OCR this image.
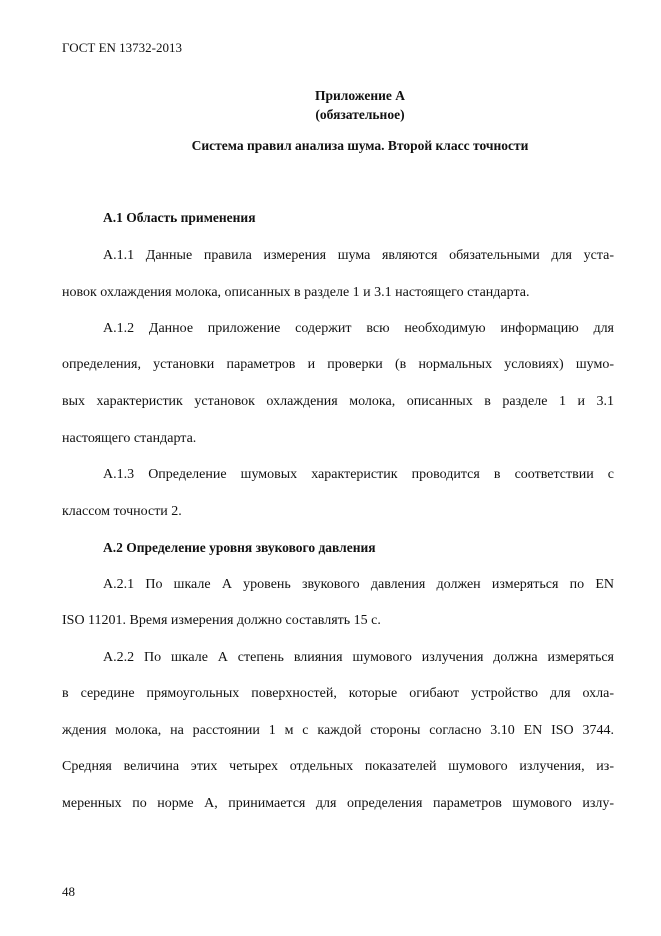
ГОСТ EN 13732-2013
Приложение А
(обязательное)
Система правил анализа шума. Второй класс точности
А.1 Область применения
А.1.1 Данные правила измерения шума являются обязательными для уста-
новок охлаждения молока, описанных в разделе 1 и 3.1 настоящего стандарта.
А.1.2 Данное приложение содержит всю необходимую информацию для
определения, установки параметров и проверки (в нормальных условиях) шумо-
вых характеристик установок охлаждения молока, описанных в разделе 1 и 3.1
настоящего стандарта.
А.1.3 Определение шумовых характеристик проводится в соответствии с
классом точности 2.
А.2 Определение уровня звукового давления
А.2.1 По шкале А уровень звукового давления должен измеряться по EN
ISO 11201. Время измерения должно составлять 15 с.
А.2.2 По шкале А степень влияния шумового излучения должна измеряться
в середине прямоугольных поверхностей, которые огибают устройство для охла-
ждения молока, на расстоянии 1 м с каждой стороны согласно 3.10 EN ISO 3744.
Средняя величина этих четырех отдельных показателей шумового излучения, из-
меренных по норме А, принимается для определения параметров шумового излу-
48
